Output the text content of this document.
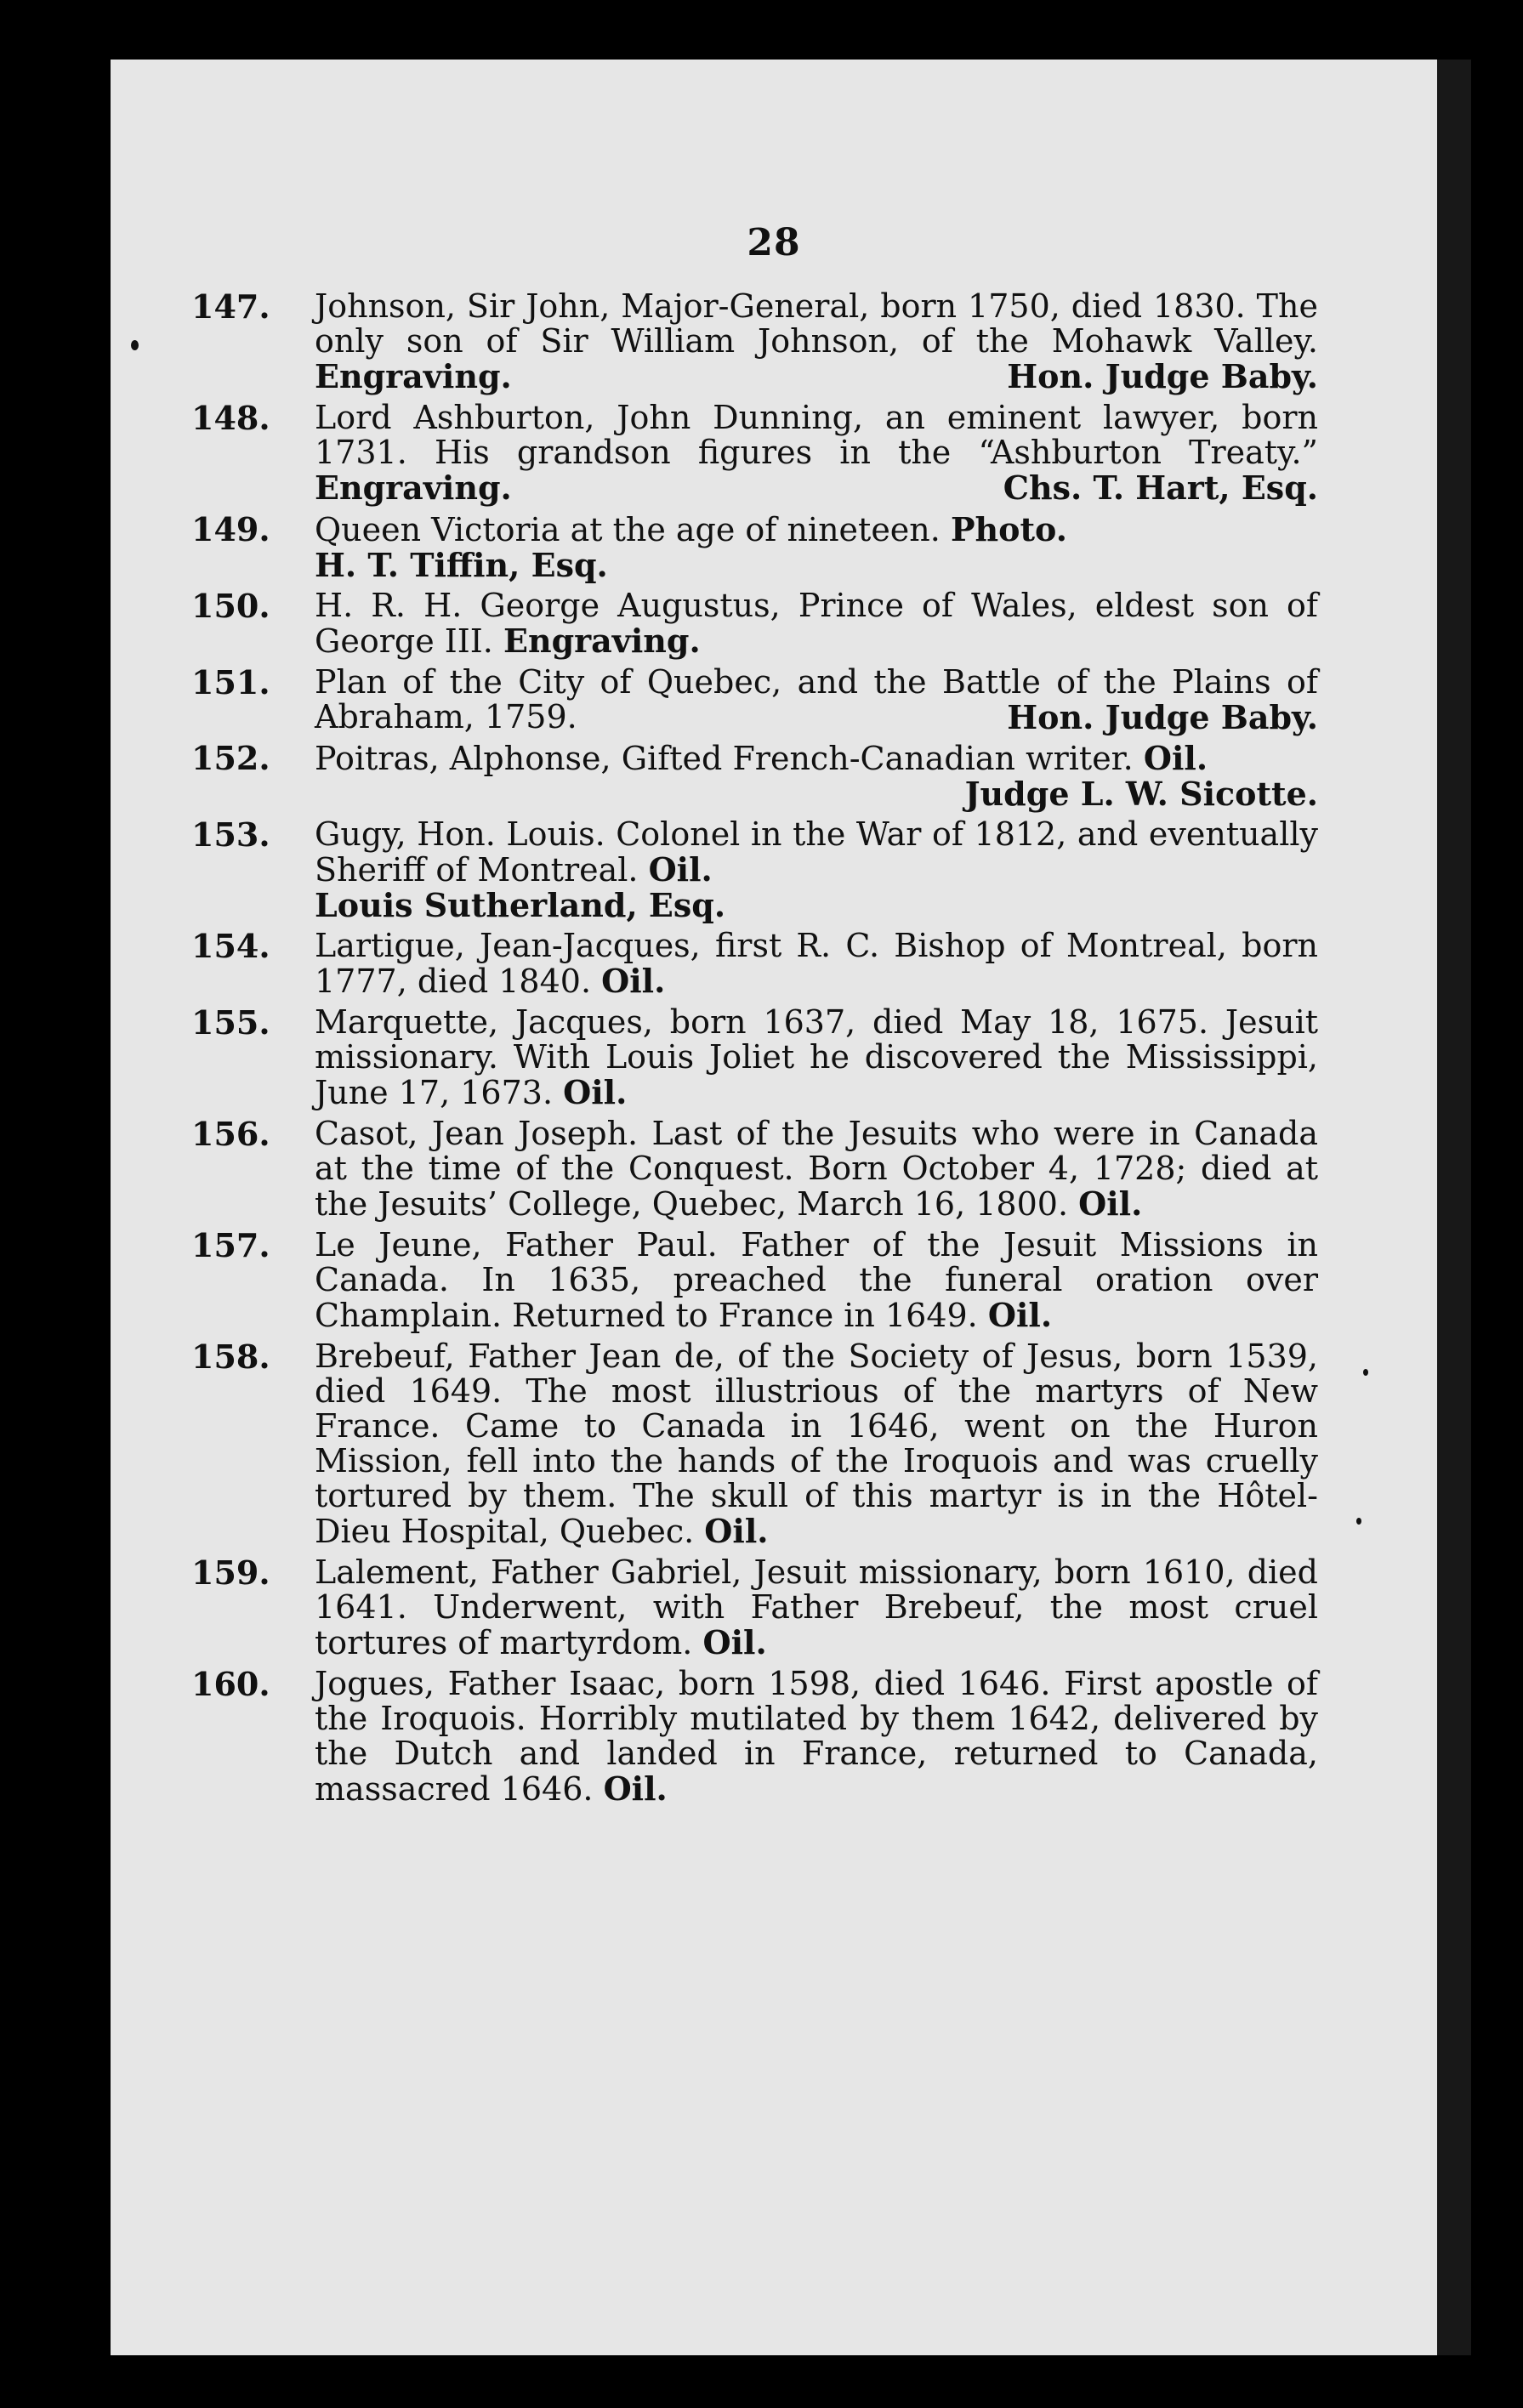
28
147. Johnson, Sir John, Major-General, born 1750, died 1830. The only son of Sir William Johnson, of the Mohawk Valley. Engraving.	Hon. Judge Baby.
148. Lord Ashburton, John Dunning, an eminent lawyer, born 1731. His grandson figures in the “Ashburton Treaty.” Engraving.	Chs. T. Hart, Esq.
149. Queen Victoria at the age of nineteen. Photo.
H. T. Tiffin, Esq.
150. H. R. H. George Augustus, Prince of Wales, eldest son of George III. Engraving.
151. Plan of the City of Quebec, and the Battle of the Plains of Abraham, 1759.	Hon. Judge Baby.
152. Poitras, Alphonse, Gifted French-Canadian writer. Oil.
Judge L. W. Sicotte.
153. Gugy, Hon. Louis. Colonel in the War of 1812, and eventually Sheriff of Montreal. Oil.
Louis Sutherland, Esq.
154. Lartigue, Jean-Jacques, first R. C. Bishop of Montreal, born 1777, died 1840. Oil.
155. Marquette, Jacques, born 1637, died May 18, 1675. Jesuit missionary. With Louis Joliet he discovered the Mississippi, June 17, 1673. Oil.
156. Casot, Jean Joseph. Last of the Jesuits who were in Canada at the time of the Conquest. Born October 4, 1728; died at the Jesuits’ College, Quebec, March 16, 1800. Oil.
157. Le Jeune, Father Paul. Father of the Jesuit Missions in Canada. In 1635, preached the funeral oration over Champlain. Returned to France in 1649. Oil.
158. Brebeuf, Father Jean de, of the Society of Jesus, born 1539, died 1649. The most illustrious of the martyrs of New France. Came to Canada in 1646, went on the Huron Mission, fell into the hands of the Iroquois and was cruelly tortured by them. The skull of this martyr is in the Hôtel-Dieu Hospital, Quebec. Oil.
159. Lalement, Father Gabriel, Jesuit missionary, born 1610, died 1641. Underwent, with Father Brebeuf, the most cruel tortures of martyrdom. Oil.
160. Jogues, Father Isaac, born 1598, died 1646. First apostle of the Iroquois. Horribly mutilated by them 1642, delivered by the Dutch and landed in France, returned to Canada, massacred 1646. Oil.
